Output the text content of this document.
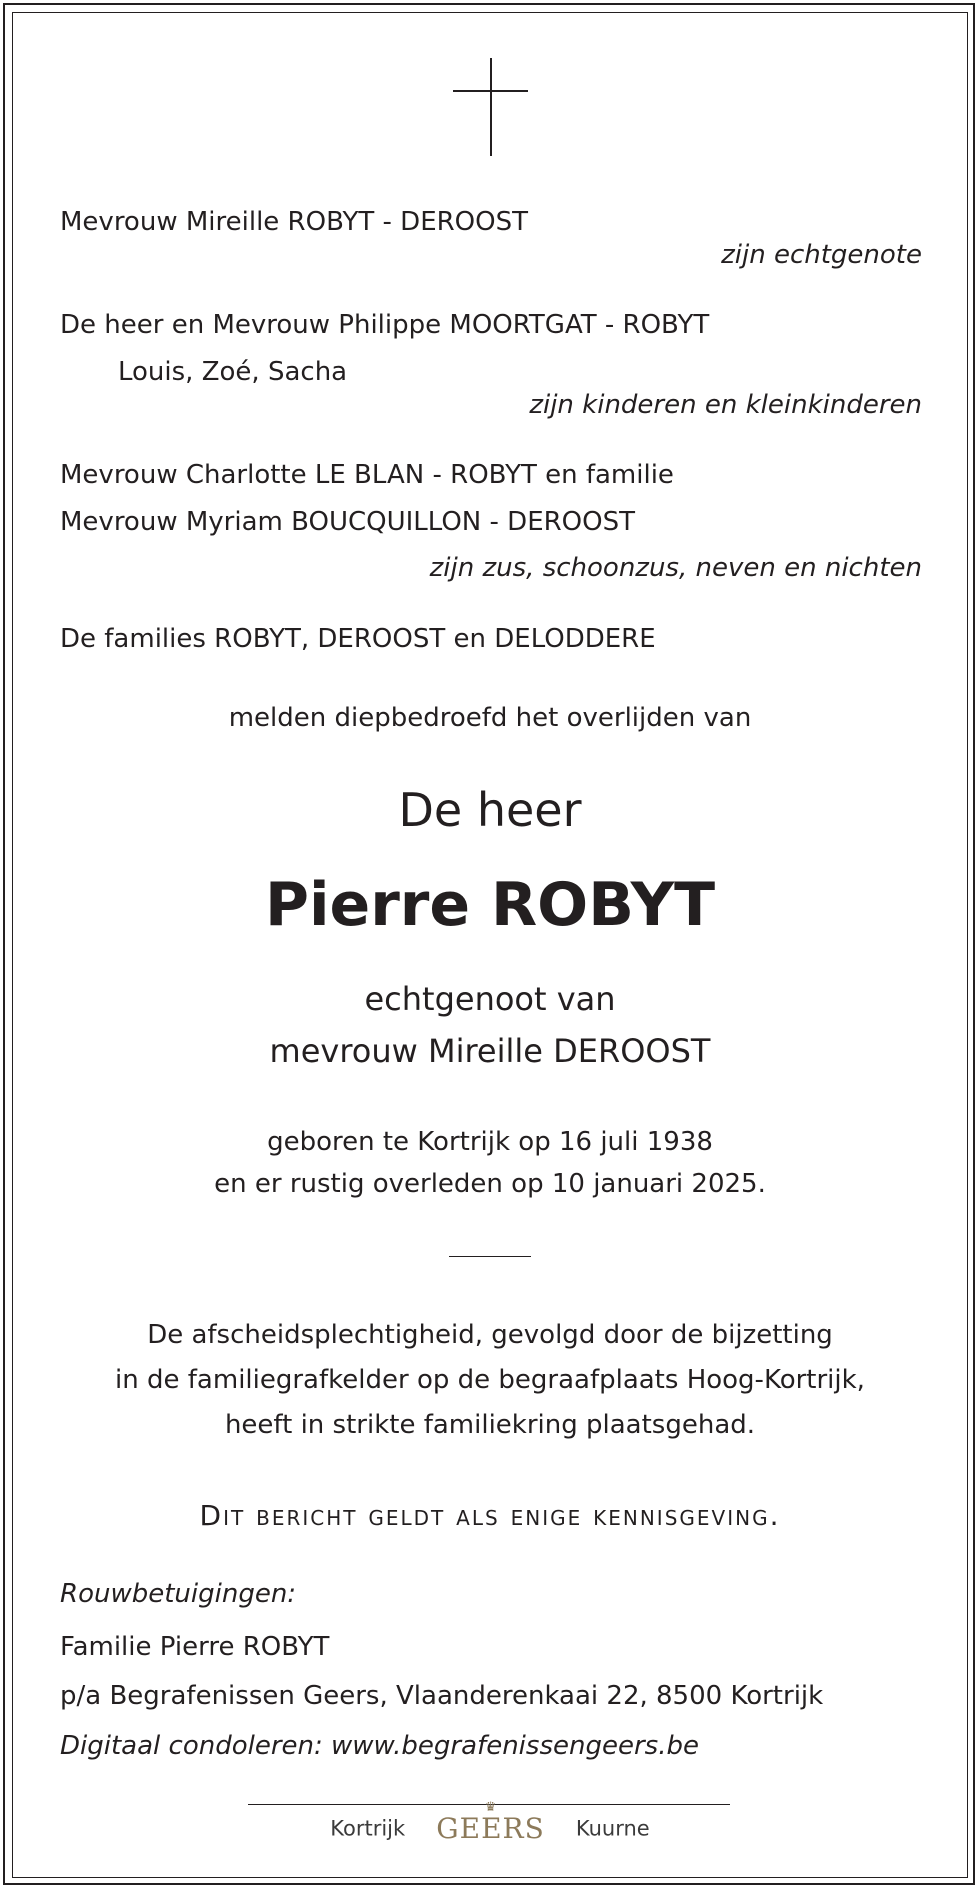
Mevrouw Mireille ROBYT - DEROOST
zijn echtgenote
De heer en Mevrouw Philippe MOORTGAT - ROBYT
Louis, Zoé, Sacha
zijn kinderen en kleinkinderen
Mevrouw Charlotte LE BLAN - ROBYT en familie
Mevrouw Myriam BOUCQUILLON - DEROOST
zijn zus, schoonzus, neven en nichten
De families ROBYT, DEROOST en DELODDERE
melden diepbedroefd het overlijden van
De heer
Pierre ROBYT
echtgenoot van
mevrouw Mireille DEROOST
geboren te Kortrijk op 16 juli 1938
en er rustig overleden op 10 januari 2025.
De afscheidsplechtigheid, gevolgd door de bijzetting
in de familiegrafkelder op de begraafplaats Hoog-Kortrijk,
heeft in strikte familiekring plaatsgehad.
Dit bericht geldt als enige kennisgeving.
Rouwbetuigingen:
Familie Pierre ROBYT
p/a Begrafenissen Geers, Vlaanderenkaai 22, 8500 Kortrijk
Digitaal condoleren: www.begrafenissengeers.be
Kortrijk
♛
GEERS Kuurne
